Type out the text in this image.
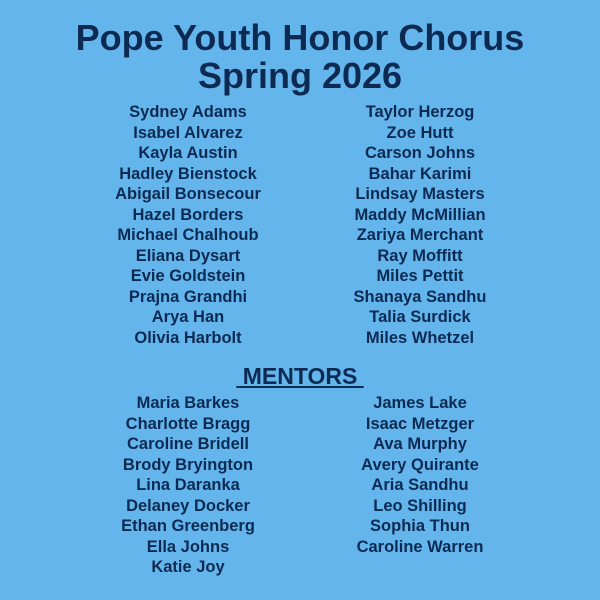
Pope Youth Honor Chorus
Spring 2026
Sydney Adams
Isabel Alvarez
Kayla Austin
Hadley Bienstock
Abigail Bonsecour
Hazel Borders
Michael Chalhoub
Eliana Dysart
Evie Goldstein
Prajna Grandhi
Arya Han
Olivia Harbolt
Taylor Herzog
Zoe Hutt
Carson Johns
Bahar Karimi
Lindsay Masters
Maddy McMillian
Zariya Merchant
Ray Moffitt
Miles Pettit
Shanaya Sandhu
Talia Surdick
Miles Whetzel
MENTORS
Maria Barkes
Charlotte Bragg
Caroline Bridell
Brody Bryington
Lina Daranka
Delaney Docker
Ethan Greenberg
Ella Johns
Katie Joy
James Lake
Isaac Metzger
Ava Murphy
Avery Quirante
Aria Sandhu
Leo Shilling
Sophia Thun
Caroline Warren
